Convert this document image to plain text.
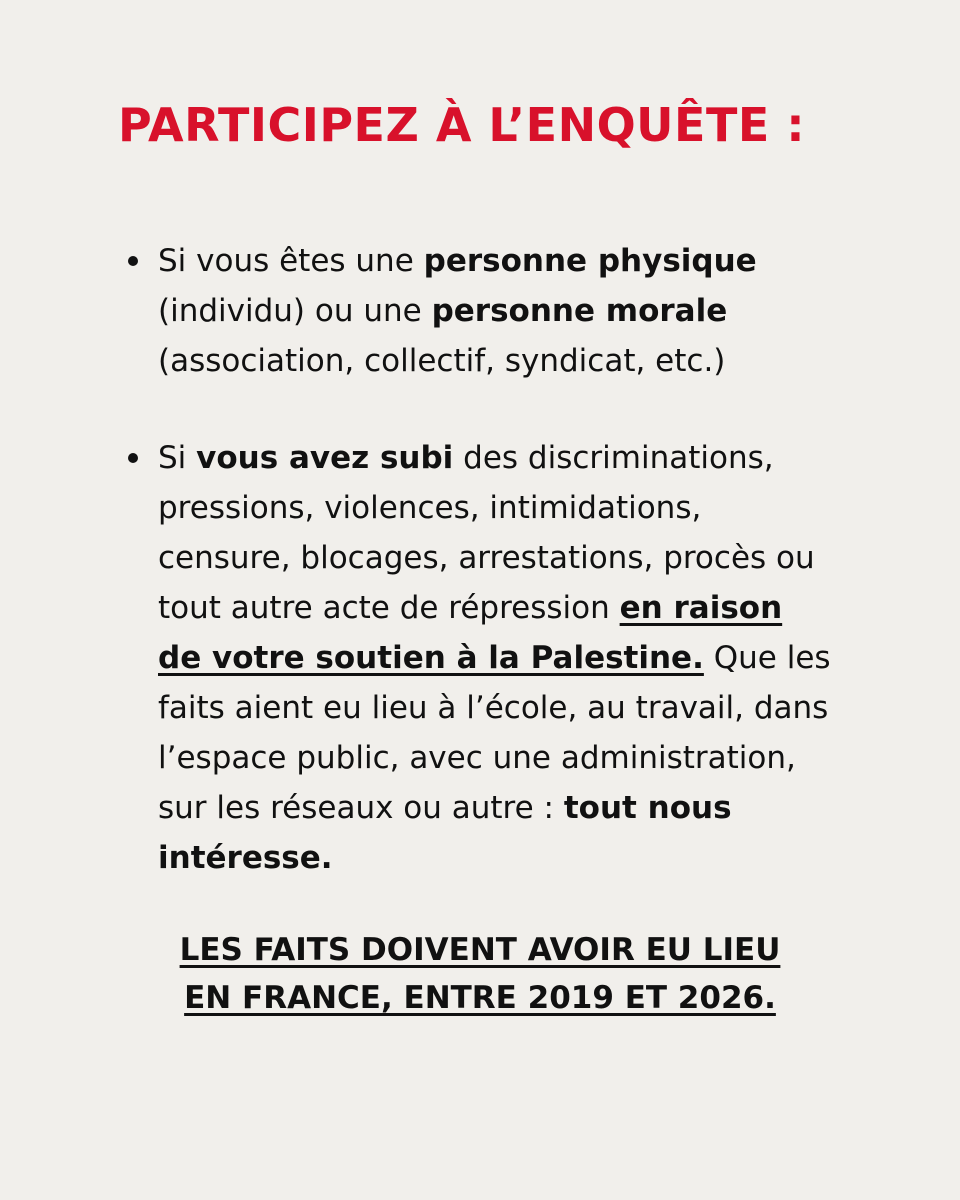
PARTICIPEZ À L’ENQUÊTE :
Si vous êtes une personne physique
(individu) ou une personne morale
(association, collectif, syndicat, etc.)
Si vous avez subi des discriminations,
pressions, violences, intimidations,
censure, blocages, arrestations, procès ou
tout autre acte de répression en raison
de votre soutien à la Palestine. Que les
faits aient eu lieu à l’école, au travail, dans
l’espace public, avec une administration,
sur les réseaux ou autre : tout nous
intéresse.
LES FAITS DOIVENT AVOIR EU LIEU
EN FRANCE, ENTRE 2019 ET 2026.
